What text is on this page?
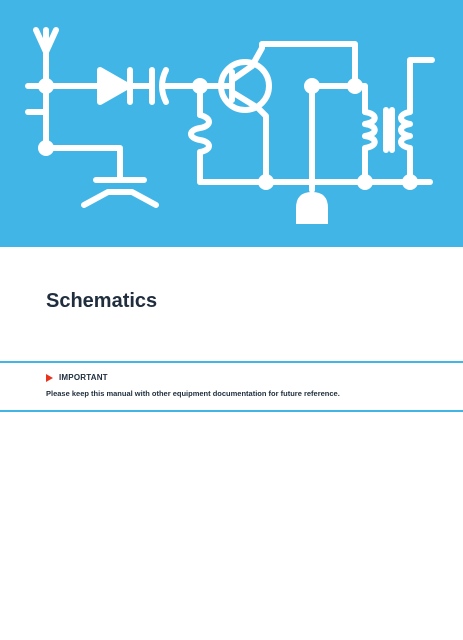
Schematics
IMPORTANT
Please keep this manual with other equipment documentation for future reference.
